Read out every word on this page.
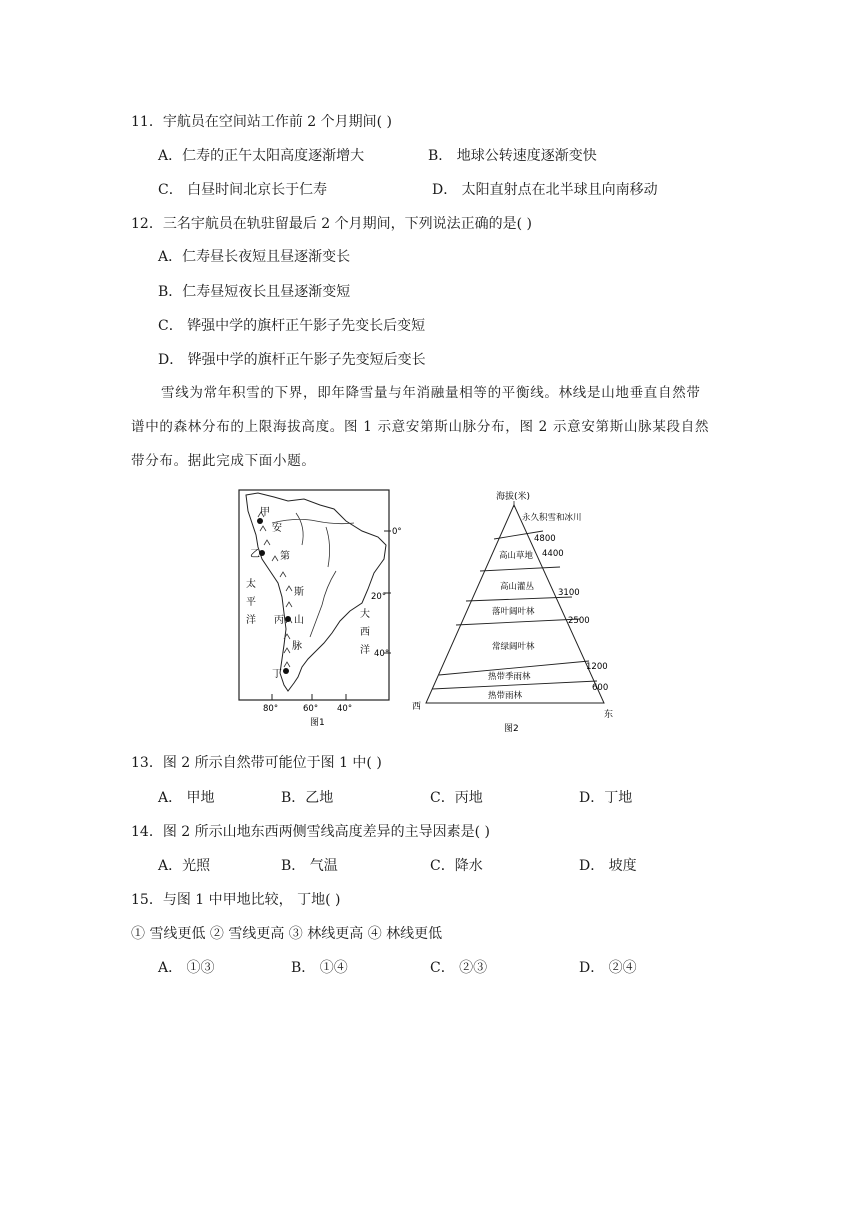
11．宇航员在空间站工作前 2 个月期间( )
A．仁寿的正午太阳高度逐渐增大	B． 地球公转速度逐渐变快
C． 白昼时间北京长于仁寿	D． 太阳直射点在北半球且向南移动
12．三名宇航员在轨驻留最后 2 个月期间，下列说法正确的是( )
A．仁寿昼长夜短且昼逐渐变长
B．仁寿昼短夜长且昼逐渐变短
C． 铧强中学的旗杆正午影子先变长后变短
D． 铧强中学的旗杆正午影子先变短后变长
雪线为常年积雪的下界，即年降雪量与年消融量相等的平衡线。林线是山地垂直自然带
谱中的森林分布的上限海拔高度。图 1 示意安第斯山脉分布，图 2 示意安第斯山脉某段自然
带分布。据此完成下面小题。
甲
乙
丙
丁
安
第
斯
山
脉
太
平
洋
大
西
洋
0°
20°
40°
80°	60° 40°
图1
海拔(米)
永久积雪和冰川
高山草地
高山灌丛
落叶阔叶林
常绿阔叶林
热带季雨林
热带雨林
4800
4400
3100
2500
1200
600
西
东
图2
13．图 2 所示自然带可能位于图 1 中( )
A． 甲地	B．乙地	C．丙地	D．丁地
14．图 2 所示山地东西两侧雪线高度差异的主导因素是( )
A．光照	B． 气温	C．降水	D． 坡度
15．与图 1 中甲地比较， 丁地( )
① 雪线更低 ② 雪线更高 ③ 林线更高 ④ 林线更低
A． ①③	B． ①④	C． ②③	D． ②④
